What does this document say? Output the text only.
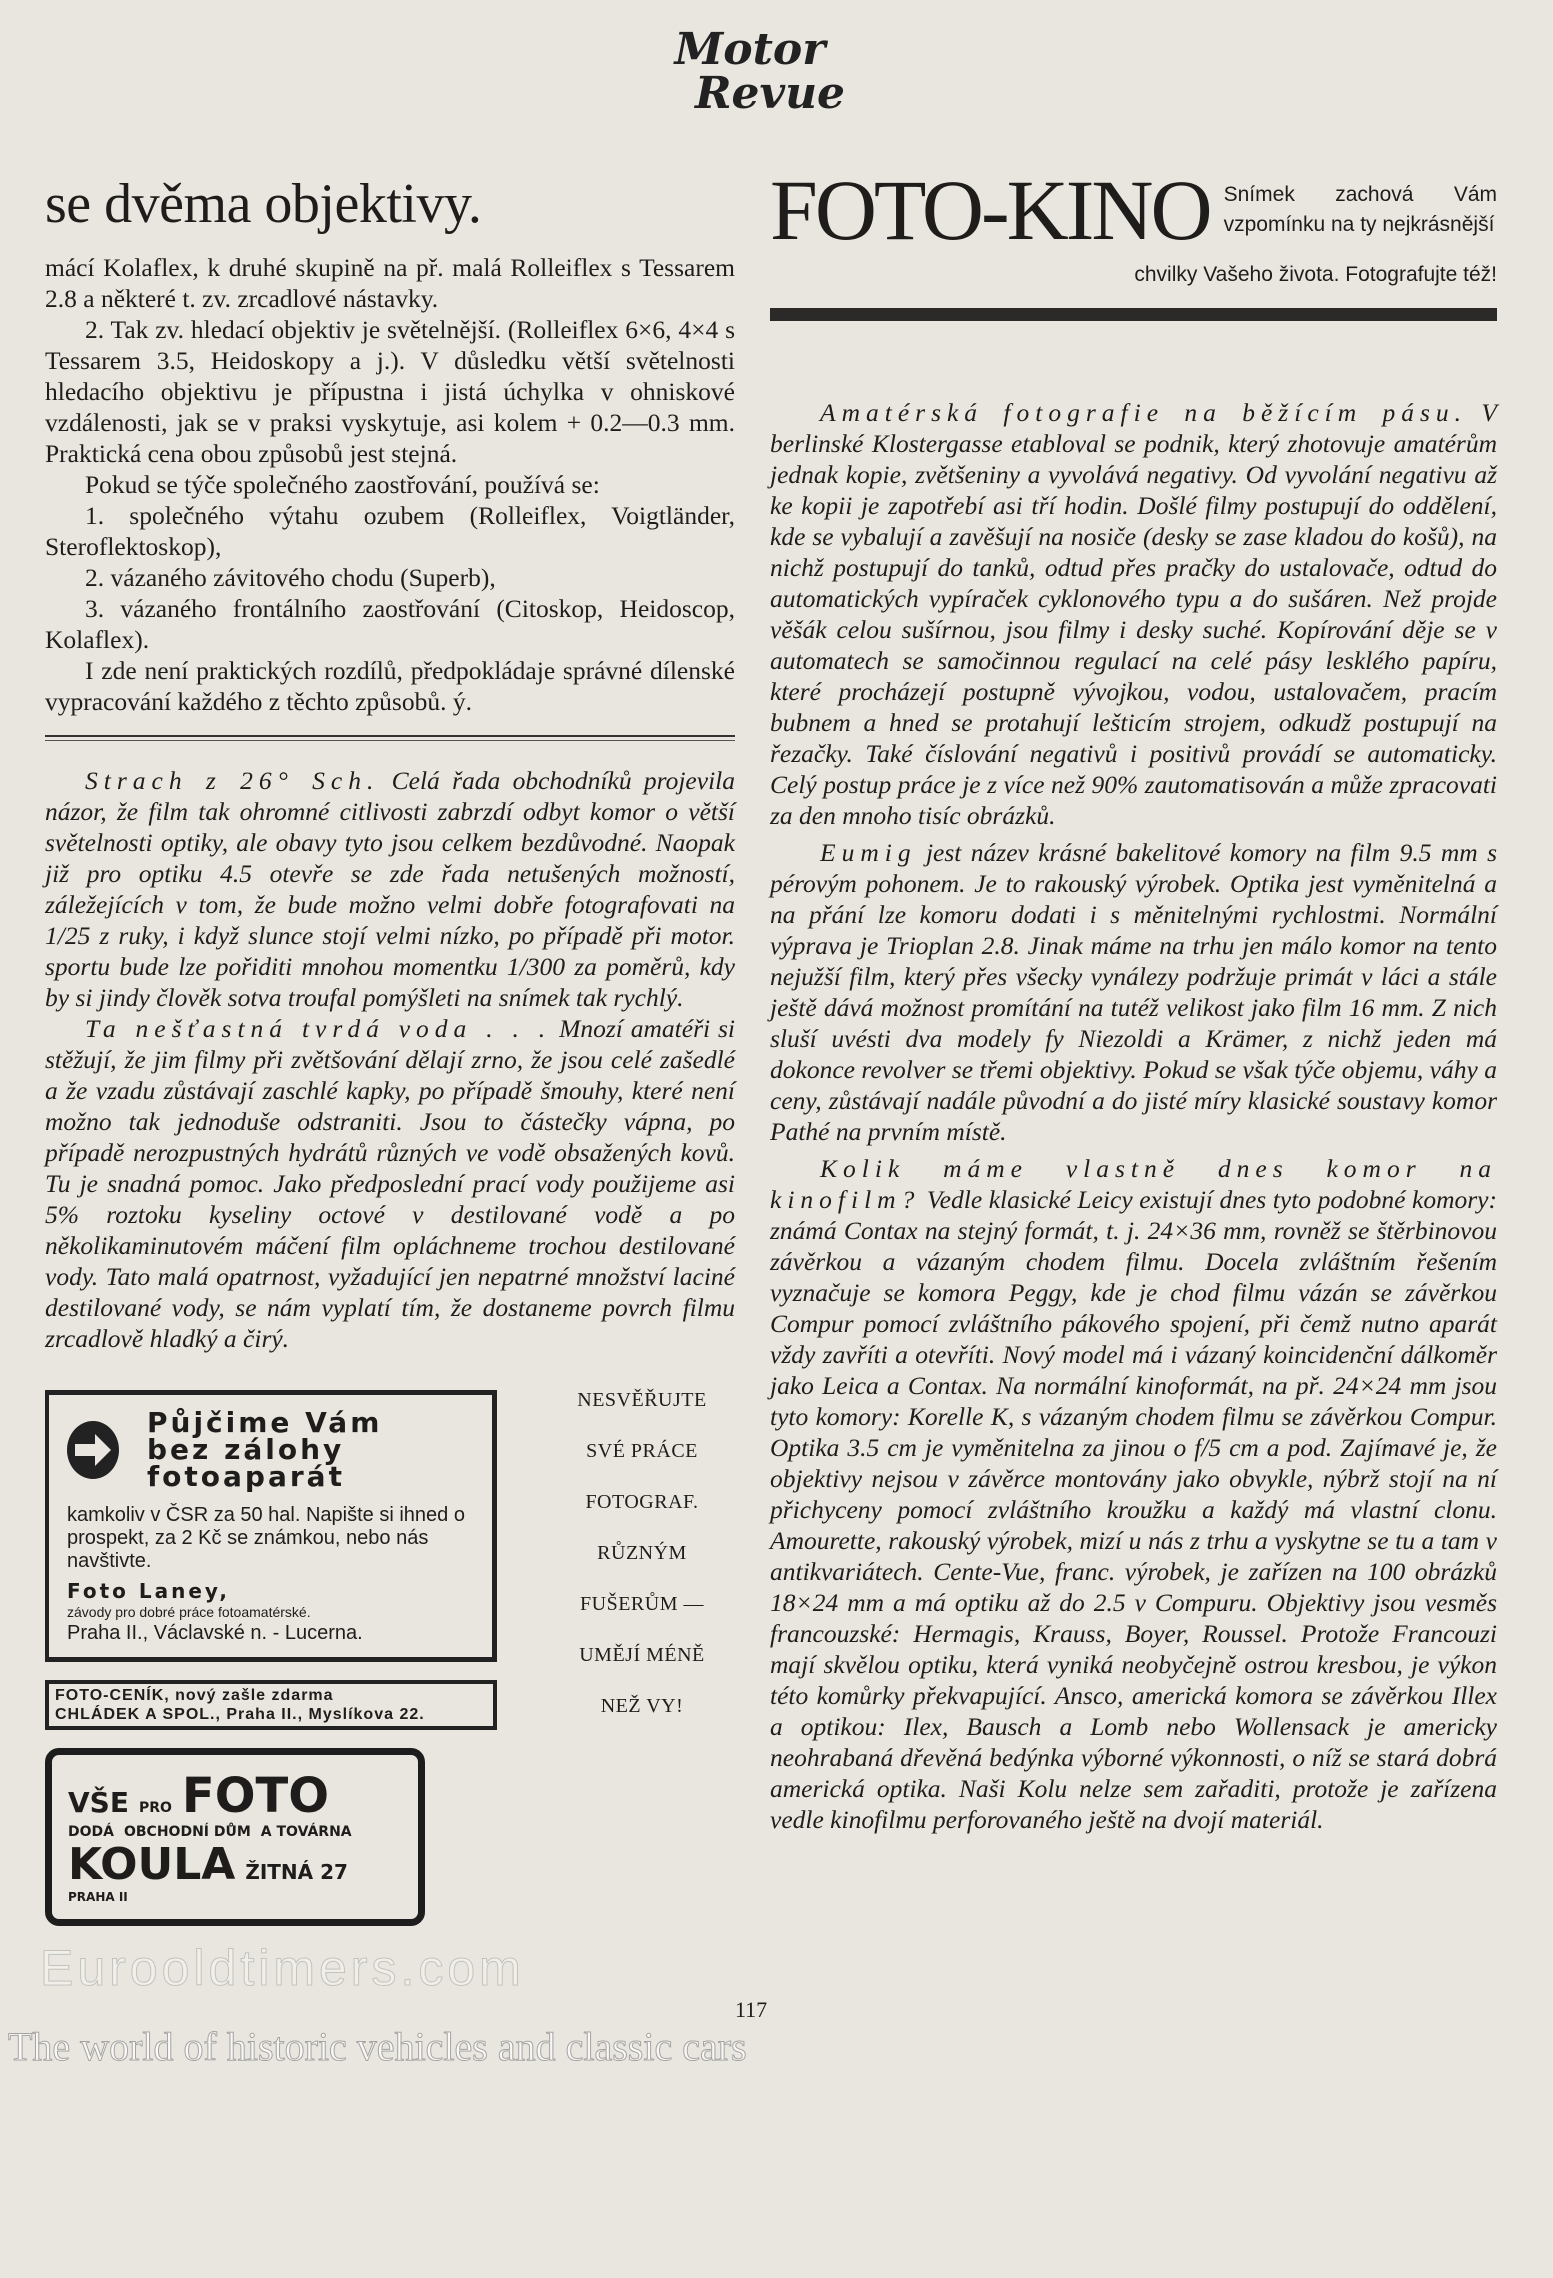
Motor
Revue
se dvěma objektivy.

mácí Kolaflex, k druhé skupině na př. malá Rolleiflex s Tessarem 2.8 a některé t. zv. zrcadlové nástavky.

2. Tak zv. hledací objektiv je světelnější. (Rolleiflex 6×6, 4×4 s Tessarem 3.5, Heidoskopy a j.). V důsledku větší světelnosti hledacího objektivu je přípustna i jistá úchylka v ohniskové vzdálenosti, jak se v praksi vyskytuje, asi kolem + 0.2—0.3 mm. Praktická cena obou způsobů jest stejná.

Pokud se týče společného zaostřování, používá se:

1. společného výtahu ozubem (Rolleiflex, Voigtländer, Steroflektoskop),

2. vázaného závitového chodu (Superb),

3. vázaného frontálního zaostřování (Citoskop, Heidoscop, Kolaflex).

I zde není praktických rozdílů, předpokládaje správné dílenské vypracování každého z těchto způsobů. ý.

Strach z 26° Sch. Celá řada obchodníků projevila názor, že film tak ohromné citlivosti zabrzdí odbyt komor o větší světelnosti optiky, ale obavy tyto jsou celkem bezdůvodné. Naopak již pro optiku 4.5 otevře se zde řada netušených možností, záležejících v tom, že bude možno velmi dobře fotografovati na 1/25 z ruky, i když slunce stojí velmi nízko, po případě při motor. sportu bude lze pořiditi mnohou momentku 1/300 za poměrů, kdy by si jindy člověk sotva troufal pomýšleti na snímek tak rychlý.

Ta nešťastná tvrdá voda . . . Mnozí amatéři si stěžují, že jim filmy při zvětšování dělají zrno, že jsou celé zašedlé a že vzadu zůstávají zaschlé kapky, po případě šmouhy, které není možno tak jednoduše odstraniti. Jsou to částečky vápna, po případě nerozpustných hydrátů různých ve vodě obsažených kovů. Tu je snadná pomoc. Jako předposlední prací vody použijeme asi 5% roztoku kyseliny octové v destilované vodě a po několikaminutovém máčení film opláchneme trochou destilované vody. Tato malá opatrnost, vyžadující jen nepatrné množství laciné destilované vody, se nám vyplatí tím, že dostaneme povrch filmu zrcadlově hladký a čirý.

Půjčime Vám
bez zálohy
fotoaparát
kamkoliv v ČSR za 50 hal. Napište si ihned o prospekt, za 2 Kč se známkou, nebo nás navštivte.
Foto Laney,
závody pro dobré práce fotoamatérské.
Praha II., Václavské n. - Lucerna.
FOTO-CENÍK, nový zašle zdarma
CHLÁDEK A SPOL., Praha II., Myslíkova 22.
VŠE PRO FOTO
DODÁ OBCHODNÍ DŮM A TOVÁRNA
KOULA ŽITNÁ 27
PRAHA II
NESVĚŘUJTE
SVÉ PRÁCE
FOTOGRAF.
RŮZNÝM
FUŠERŮM —
UMĚJÍ MÉNĚ
NEŽ VY!
FOTO-KINO Snímek zachová Vám vzpomínku na ty nejkrásnější
chvilky Vašeho života. Fotografujte též!

Amatérská fotografie na běžícím pásu. V berlinské Klostergasse etabloval se podnik, který zhotovuje amatérům jednak kopie, zvětšeniny a vyvolává negativy. Od vyvolání negativu až ke kopii je zapotřebí asi tří hodin. Došlé filmy postupují do oddělení, kde se vybalují a zavěšují na nosiče (desky se zase kladou do košů), na nichž postupují do tanků, odtud přes pračky do ustalovače, odtud do automatických vypíraček cyklonového typu a do sušáren. Než projde věšák celou sušírnou, jsou filmy i desky suché. Kopírování děje se v automatech se samočinnou regulací na celé pásy lesklého papíru, které procházejí postupně vývojkou, vodou, ustalovačem, pracím bubnem a hned se protahují lešticím strojem, odkudž postupují na řezačky. Také číslování negativů i positivů provádí se automaticky. Celý postup práce je z více než 90% zautomatisován a může zpracovati za den mnoho tisíc obrázků.

Eumig jest název krásné bakelitové komory na film 9.5 mm s pérovým pohonem. Je to rakouský výrobek. Optika jest vyměnitelná a na přání lze komoru dodati i s měnitelnými rychlostmi. Normální výprava je Trioplan 2.8. Jinak máme na trhu jen málo komor na tento nejužší film, který přes všecky vynálezy podržuje primát v láci a stále ještě dává možnost promítání na tutéž velikost jako film 16 mm. Z nich sluší uvésti dva modely fy Niezoldi a Krämer, z nichž jeden má dokonce revolver se třemi objektivy. Pokud se však týče objemu, váhy a ceny, zůstávají nadále původní a do jisté míry klasické soustavy komor Pathé na prvním místě.

Kolik máme vlastně dnes komor na kinofilm? Vedle klasické Leicy existují dnes tyto podobné komory: známá Contax na stejný formát, t. j. 24×36 mm, rovněž se štěrbinovou závěrkou a vázaným chodem filmu. Docela zvláštním řešením vyznačuje se komora Peggy, kde je chod filmu vázán se závěrkou Compur pomocí zvláštního pákového spojení, při čemž nutno aparát vždy zavříti a otevříti. Nový model má i vázaný koincidenční dálkoměr jako Leica a Contax. Na normální kinoformát, na př. 24×24 mm jsou tyto komory: Korelle K, s vázaným chodem filmu se závěrkou Compur. Optika 3.5 cm je vyměnitelna za jinou o f/5 cm a pod. Zajímavé je, že objektivy nejsou v závěrce montovány jako obvykle, nýbrž stojí na ní přichyceny pomocí zvláštního kroužku a každý má vlastní clonu. Amourette, rakouský výrobek, mizí u nás z trhu a vyskytne se tu a tam v antikvariátech. Cente-Vue, franc. výrobek, je zařízen na 100 obrázků 18×24 mm a má optiku až do 2.5 v Compuru. Objektivy jsou vesměs francouzské: Hermagis, Krauss, Boyer, Roussel. Protože Francouzi mají skvělou optiku, která vyniká neobyčejně ostrou kresbou, je výkon této komůrky překvapující. Ansco, americká komora se závěrkou Illex a optikou: Ilex, Bausch a Lomb nebo Wollensack je americky neohrabaná dřevěná bedýnka výborné výkonnosti, o níž se stará dobrá americká optika. Naši Kolu nelze sem zařaditi, protože je zařízena vedle kinofilmu perforovaného ještě na dvojí materiál.

Eurooldtimers.com
117
The world of historic vehicles and classic cars
